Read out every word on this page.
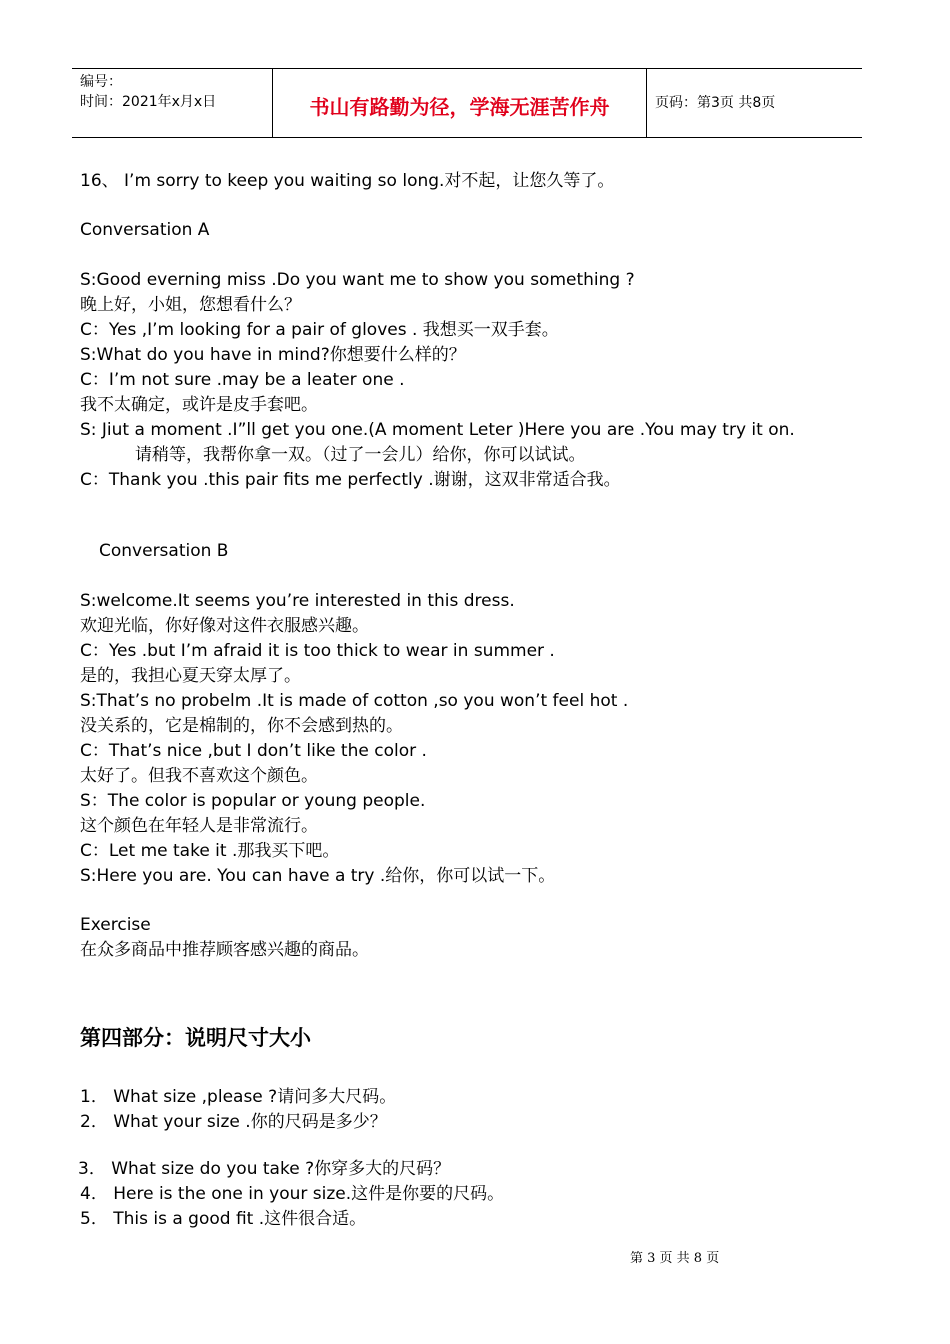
编号：
时间：2021年x月x日	书山有路勤为径，学海无涯苦作舟	页码：第3页 共8页
16、 I’m sorry to keep you waiting so long.对不起，让您久等了。
Conversation A
S:Good everning miss .Do you want me to show you something ?
晚上好，小姐，您想看什么？
C：Yes ,I’m looking for a pair of gloves . 我想买一双手套。
S:What do you have in mind?你想要什么样的？
C：I’m not sure .may be a leater one .
我不太确定，或许是皮手套吧。
S: Jiut a moment .I”ll get you one.(A moment Leter )Here you are .You may try it on.
请稍等，我帮你拿一双。（过了一会儿）给你，你可以试试。
C：Thank you .this pair fits me perfectly .谢谢，这双非常适合我。
Conversation B
S:welcome.It seems you’re interested in this dress.
欢迎光临，你好像对这件衣服感兴趣。
C：Yes .but I’m afraid it is too thick to wear in summer .
是的，我担心夏天穿太厚了。
S:That’s no probelm .It is made of cotton ,so you won’t feel hot .
没关系的，它是棉制的，你不会感到热的。
C：That’s nice ,but I don’t like the color .
太好了。但我不喜欢这个颜色。
S：The color is popular or young people.
这个颜色在年轻人是非常流行。
C：Let me take it .那我买下吧。
S:Here you are. You can have a try .给你，你可以试一下。
Exercise
在众多商品中推荐顾客感兴趣的商品。
第四部分：说明尺寸大小
1． What size ,please ?请问多大尺码。
2． What your size .你的尺码是多少？
3． What size do you take ?你穿多大的尺码？
4． Here is the one in your size.这件是你要的尺码。
5． This is a good fit .这件很合适。
第 3 页 共 8 页
